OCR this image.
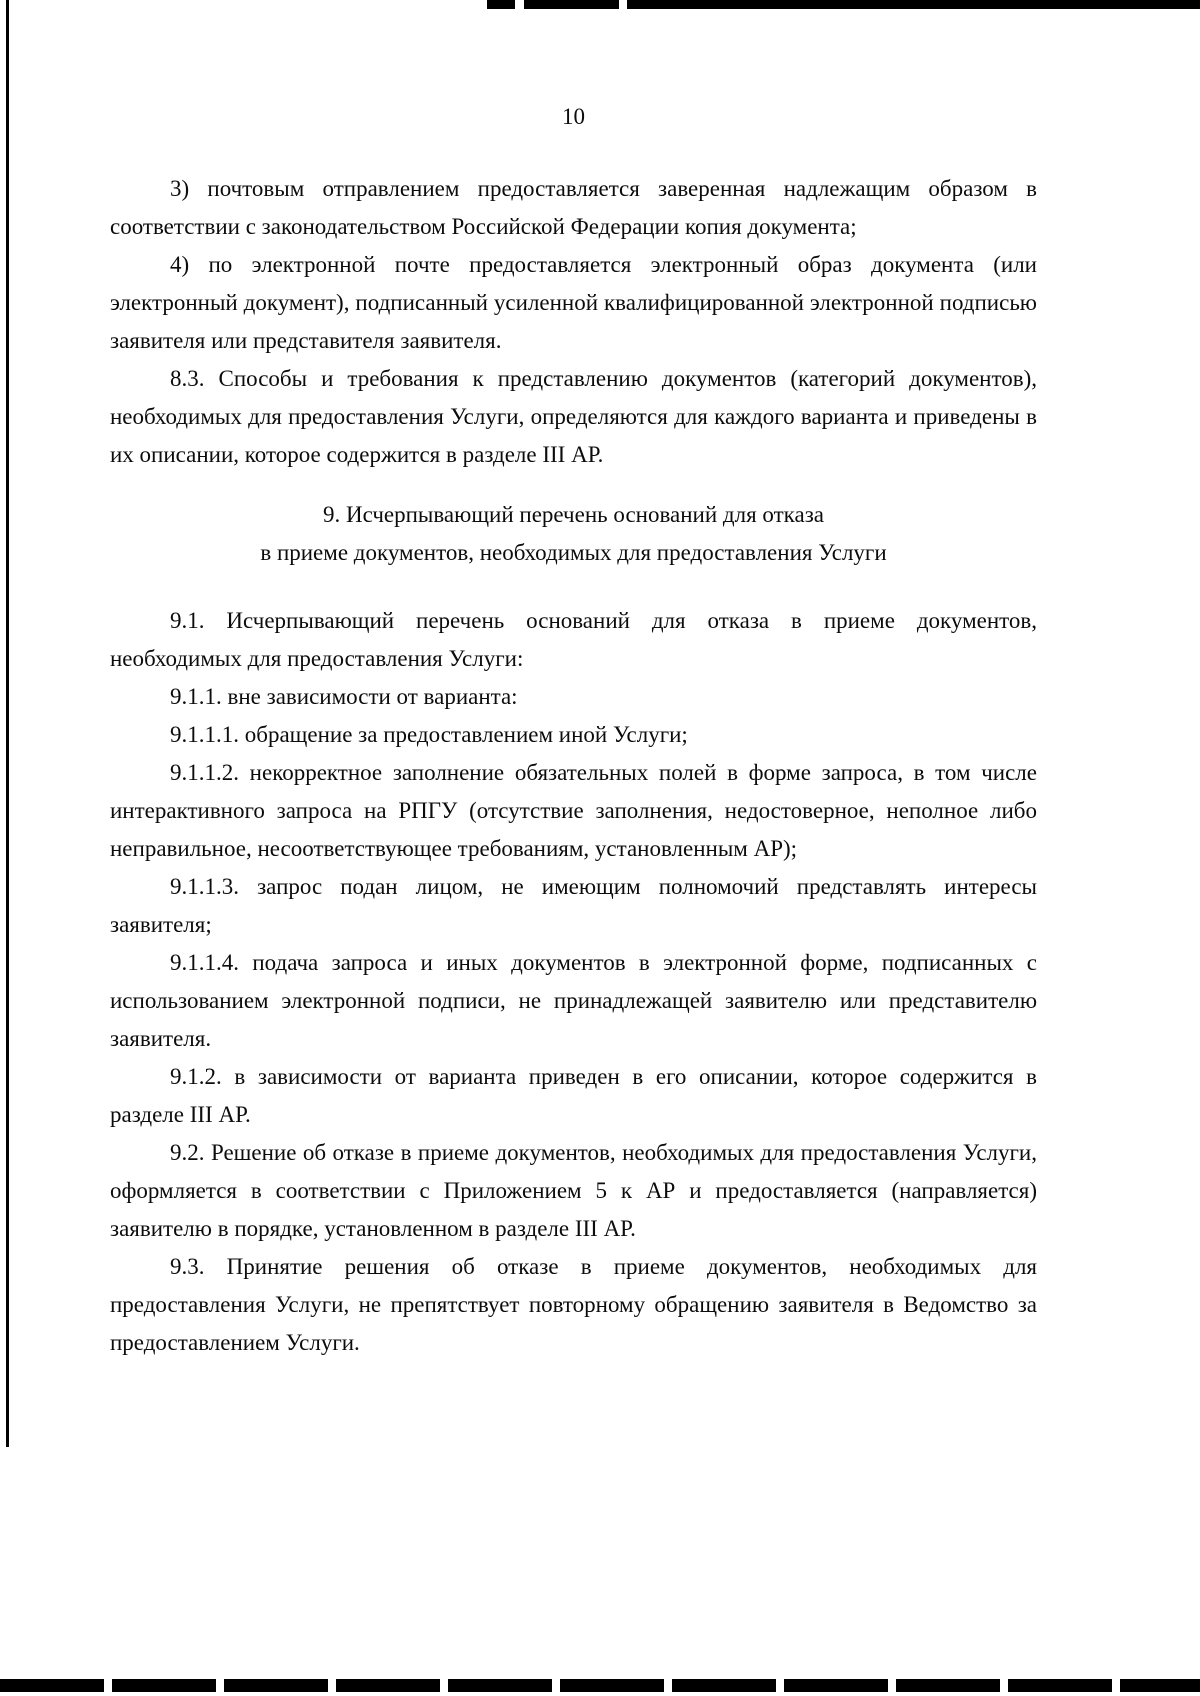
10

3) почтовым отправлением предоставляется заверенная надлежащим образом в соответствии с законодательством Российской Федерации копия документа;

4) по электронной почте предоставляется электронный образ документа (или электронный документ), подписанный усиленной квалифицированной электронной подписью заявителя или представителя заявителя.

8.3. Способы и требования к представлению документов (категорий документов), необходимых для предоставления Услуги, определяются для каждого варианта и приведены в их описании, которое содержится в разделе III АР.

9. Исчерпывающий перечень оснований для отказа
в приеме документов, необходимых для предоставления Услуги

9.1. Исчерпывающий перечень оснований для отказа в приеме документов, необходимых для предоставления Услуги:

9.1.1. вне зависимости от варианта:

9.1.1.1. обращение за предоставлением иной Услуги;

9.1.1.2. некорректное заполнение обязательных полей в форме запроса, в том числе интерактивного запроса на РПГУ (отсутствие заполнения, недостоверное, неполное либо неправильное, несоответствующее требованиям, установленным АР);

9.1.1.3. запрос подан лицом, не имеющим полномочий представлять интересы заявителя;

9.1.1.4. подача запроса и иных документов в электронной форме, подписанных с использованием электронной подписи, не принадлежащей заявителю или представителю заявителя.

9.1.2. в зависимости от варианта приведен в его описании, которое содержится в разделе III АР.

9.2. Решение об отказе в приеме документов, необходимых для предоставления Услуги, оформляется в соответствии с Приложением 5 к АР и предоставляется (направляется) заявителю в порядке, установленном в разделе III АР.

9.3. Принятие решения об отказе в приеме документов, необходимых для предоставления Услуги, не препятствует повторному обращению заявителя в Ведомство за предоставлением Услуги.
